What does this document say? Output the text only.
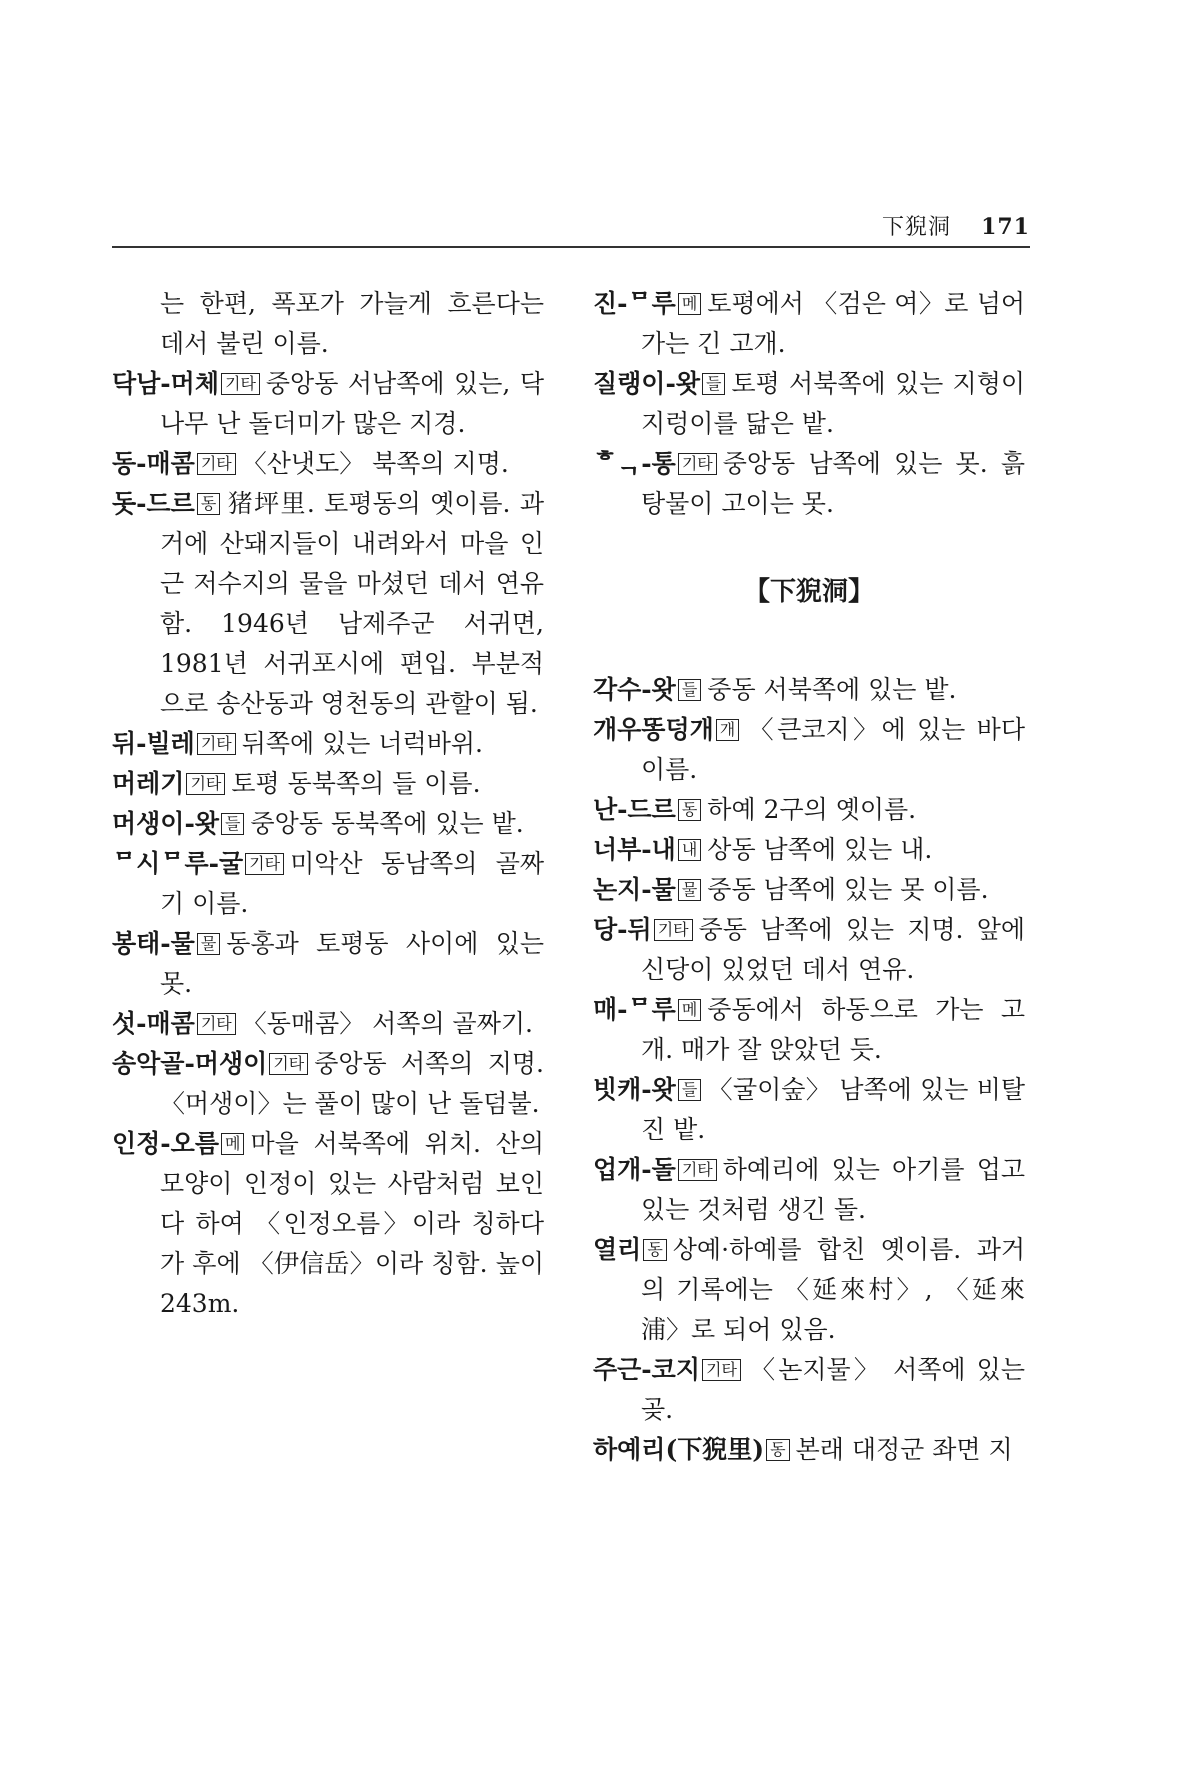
下猊洞 171

는 한편, 폭포가 가늘게 흐른다는 데서 불린 이름.

닥남-머체 기타 중앙동 서남쪽에 있는, 닥나무 난 돌더미가 많은 지경.

동-매콤 기타 〈산냇도〉 북쪽의 지명.

돗-드르 동 猪坪里. 토평동의 옛이름. 과거에 산돼지들이 내려와서 마을 인근 저수지의 물을 마셨던 데서 연유함. 1946년 남제주군 서귀면, 1981년 서귀포시에 편입. 부분적으로 송산동과 영천동의 관할이 됨.

뒤-빌레 기타 뒤쪽에 있는 너럭바위.

머레기 기타 토평 동북쪽의 들 이름.

머생이-왓 들 중앙동 동북쪽에 있는 밭.

ᄆ시ᄆ루-굴 기타 미악산 동남쪽의 골짜기 이름.

봉태-물 물 동홍과 토평동 사이에 있는 못.

섯-매콤 기타 〈동매콤〉 서쪽의 골짜기.

송악골-머생이 기타 중앙동 서쪽의 지명. 〈머생이〉는 풀이 많이 난 돌덤불.

인정-오름 메 마을 서북쪽에 위치. 산의 모양이 인정이 있는 사람처럼 보인다 하여 〈인정오름〉이라 칭하다가 후에 〈伊信岳〉이라 칭함. 높이 243m.

진-ᄆ루 메 토평에서 〈검은 여〉로 넘어가는 긴 고개.

질랭이-왓 들 토평 서북쪽에 있는 지형이 지렁이를 닮은 밭.

ᄒᆨ-통 기타 중앙동 남쪽에 있는 못. 흙탕물이 고이는 못.

【下猊洞】

각수-왓 들 중동 서북쪽에 있는 밭.

개우똥덩개 개 〈큰코지〉에 있는 바다 이름.

난-드르 동 하예 2구의 옛이름.

너부-내 내 상동 남쪽에 있는 내.

논지-물 물 중동 남쪽에 있는 못 이름.

당-뒤 기타 중동 남쪽에 있는 지명. 앞에 신당이 있었던 데서 연유.

매-ᄆ루 메 중동에서 하동으로 가는 고개. 매가 잘 앉았던 듯.

빗캐-왓 들 〈굴이숲〉 남쪽에 있는 비탈진 밭.

업개-돌 기타 하예리에 있는 아기를 업고 있는 것처럼 생긴 돌.

열리 동 상예·하예를 합친 옛이름. 과거의 기록에는 〈延來村〉, 〈延來浦〉로 되어 있음.

주근-코지 기타 〈논지물〉 서쪽에 있는 곶.

하예리(下猊里) 동 본래 대정군 좌면 지
